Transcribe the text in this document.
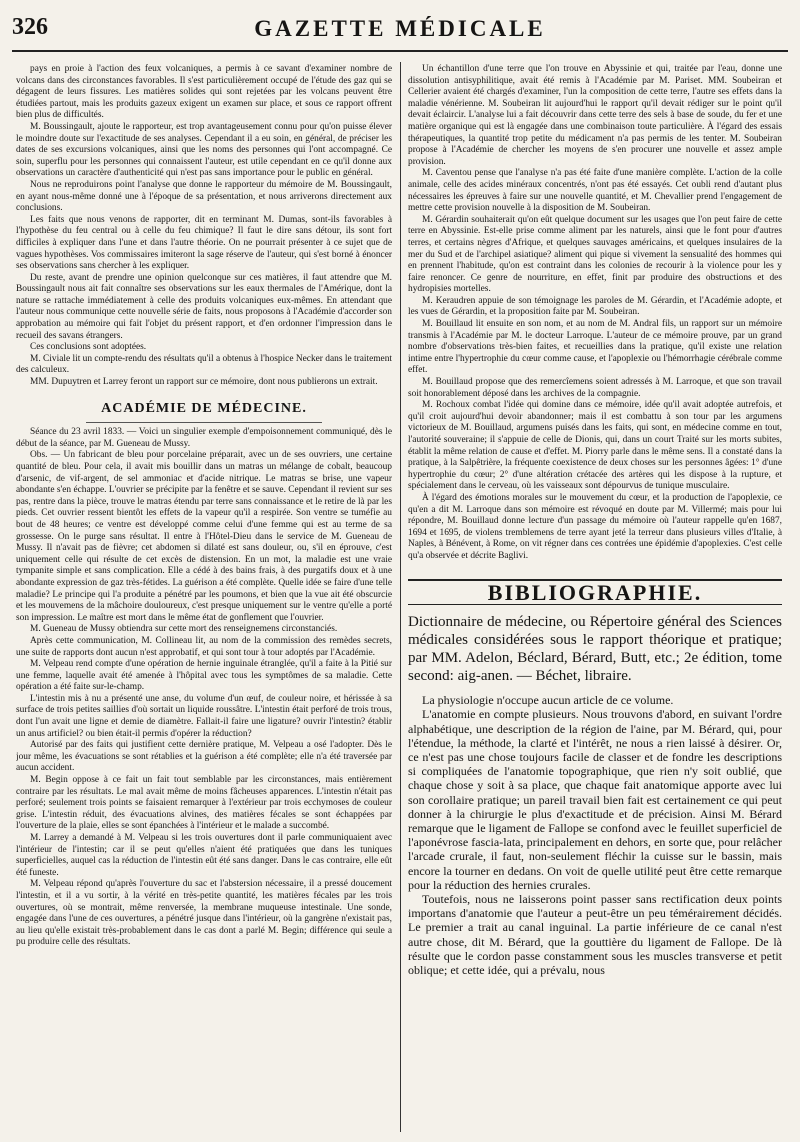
326	GAZETTE MÉDICALE

pays en proie à l'action des feux volcaniques, a permis à ce savant d'examiner nombre de volcans dans des circonstances favorables. Il s'est particulièrement occupé de l'étude des gaz qui se dégagent de leurs fissures. Les matières solides qui sont rejetées par les volcans peuvent être étudiées partout, mais les produits gazeux exigent un examen sur place, et sous ce rapport offrent bien plus de difficultés.

M. Boussingault, ajoute le rapporteur, est trop avantageusement connu pour qu'on puisse élever le moindre doute sur l'exactitude de ses analyses. Cependant il a eu soin, en général, de préciser les dates de ses excursions volcaniques, ainsi que les noms des personnes qui l'ont accompagné. Ce soin, superflu pour les personnes qui connaissent l'auteur, est utile cependant en ce qu'il donne aux observations un caractère d'authenticité qui n'est pas sans importance pour le public en général.

Nous ne reproduirons point l'analyse que donne le rapporteur du mémoire de M. Boussingault, en ayant nous-même donné une à l'époque de sa présentation, et nous arriverons directement aux conclusions.

Les faits que nous venons de rapporter, dit en terminant M. Dumas, sont-ils favorables à l'hypothèse du feu central ou à celle du feu chimique? Il faut le dire sans détour, ils sont fort difficiles à expliquer dans l'une et dans l'autre théorie. On ne pourrait présenter à ce sujet que de vagues hypothèses. Vos commissaires imiteront la sage réserve de l'auteur, qui s'est borné à énoncer ses observations sans chercher à les expliquer.

Du reste, avant de prendre une opinion quelconque sur ces matières, il faut attendre que M. Boussingault nous ait fait connaître ses observations sur les eaux thermales de l'Amérique, dont la nature se rattache immédiatement à celle des produits volcaniques eux-mêmes. En attendant que l'auteur nous communique cette nouvelle série de faits, nous proposons à l'Académie d'accorder son approbation au mémoire qui fait l'objet du présent rapport, et d'en ordonner l'impression dans le recueil des savans étrangers.

Ces conclusions sont adoptées.

M. Civiale lit un compte-rendu des résultats qu'il a obtenus à l'hospice Necker dans le traitement des calculeux.

MM. Dupuytren et Larrey feront un rapport sur ce mémoire, dont nous publierons un extrait.

ACADÉMIE DE MÉDECINE.

Séance du 23 avril 1833. — Voici un singulier exemple d'empoisonnement communiqué, dès le début de la séance, par M. Gueneau de Mussy.

Obs. — Un fabricant de bleu pour porcelaine préparait, avec un de ses ouvriers, une certaine quantité de bleu. Pour cela, il avait mis bouillir dans un matras un mélange de cobalt, beaucoup d'arsenic, de vif-argent, de sel ammoniac et d'acide nitrique. Le matras se brise, une vapeur abondante s'en échappe. L'ouvrier se précipite par la fenêtre et se sauve. Cependant il revient sur ses pas, rentre dans la pièce, trouve le matras étendu par terre sans connaissance et le retire de là par les pieds. Cet ouvrier ressent bientôt les effets de la vapeur qu'il a respirée. Son ventre se tuméfie au bout de 48 heures; ce ventre est développé comme celui d'une femme qui est au terme de sa grossesse. On le purge sans résultat. Il entre à l'Hôtel-Dieu dans le service de M. Gueneau de Mussy. Il n'avait pas de fièvre; cet abdomen si dilaté est sans douleur, ou, s'il en éprouve, c'est uniquement celle qui résulte de cet excès de distension. En un mot, la maladie est une vraie tympanite simple et sans complication. Elle a cédé à des bains frais, à des purgatifs doux et à une abondante expression de gaz très-fétides. La guérison a été complète. Quelle idée se faire d'une telle maladie? Le principe qui l'a produite a pénétré par les poumons, et bien que la vue ait été obscurcie et les mouvemens de la mâchoire douloureux, c'est presque uniquement sur le ventre qu'elle a porté son impression. Le maître est mort dans le même état de gonflement que l'ouvrier.

M. Gueneau de Mussy obtiendra sur cette mort des renseignemens circonstanciés.

Après cette communication, M. Collineau lit, au nom de la commission des remèdes secrets, une suite de rapports dont aucun n'est approbatif, et qui sont tour à tour adoptés par l'Académie.

M. Velpeau rend compte d'une opération de hernie inguinale étranglée, qu'il a faite à la Pitié sur une femme, laquelle avait été amenée à l'hôpital avec tous les symptômes de sa maladie. Cette opération a été faite sur-le-champ.

L'intestin mis à nu a présenté une anse, du volume d'un œuf, de couleur noire, et hérissée à sa surface de trois petites saillies d'où sortait un liquide roussâtre. L'intestin était perforé de trois trous, dont l'un avait une ligne et demie de diamètre. Fallait-il faire une ligature? ouvrir l'intestin? établir un anus artificiel? ou bien était-il permis d'opérer la réduction?

Autorisé par des faits qui justifient cette dernière pratique, M. Velpeau a osé l'adopter. Dès le jour même, les évacuations se sont rétablies et la guérison a été complète; elle n'a été traversée par aucun accident.

M. Begin oppose à ce fait un fait tout semblable par les circonstances, mais entièrement contraire par les résultats. Le mal avait même de moins fâcheuses apparences. L'intestin n'était pas perforé; seulement trois points se faisaient remarquer à l'extérieur par trois ecchymoses de couleur grise. L'intestin réduit, des évacuations alvines, des matières fécales se sont échappées par l'ouverture de la plaie, elles se sont épanchées à l'intérieur et le malade a succombé.

M. Larrey a demandé à M. Velpeau si les trois ouvertures dont il parle communiquaient avec l'intérieur de l'intestin; car il se peut qu'elles n'aient été pratiquées que dans les tuniques superficielles, auquel cas la réduction de l'intestin eût été sans danger. Dans le cas contraire, elle eût été funeste.

M. Velpeau répond qu'après l'ouverture du sac et l'abstersion nécessaire, il a pressé doucement l'intestin, et il a vu sortir, à la vérité en très-petite quantité, les matières fécales par les trois ouvertures, où se montrait, même renversée, la membrane muqueuse intestinale. Une sonde, engagée dans l'une de ces ouvertures, a pénétré jusque dans l'intérieur, où la gangrène n'existait pas, au lieu qu'elle existait très-probablement dans le cas dont a parlé M. Begin; différence qui seule a pu produire celle des résultats.

Un échantillon d'une terre que l'on trouve en Abyssinie et qui, traitée par l'eau, donne une dissolution antisyphilitique, avait été remis à l'Académie par M. Pariset. MM. Soubeiran et Cellerier avaient été chargés d'examiner, l'un la composition de cette terre, l'autre ses effets dans la maladie vénérienne. M. Soubeiran lit aujourd'hui le rapport qu'il devait rédiger sur le point qu'il devait éclaircir. L'analyse lui a fait découvrir dans cette terre des sels à base de soude, du fer et une matière organique qui est là engagée dans une combinaison toute particulière. À l'égard des essais thérapeutiques, la quantité trop petite du médicament n'a pas permis de les tenter. M. Soubeiran propose à l'Académie de chercher les moyens de s'en procurer une nouvelle et assez ample provision.

M. Caventou pense que l'analyse n'a pas été faite d'une manière complète. L'action de la colle animale, celle des acides minéraux concentrés, n'ont pas été essayés. Cet oubli rend d'autant plus nécessaires les épreuves à faire sur une nouvelle quantité, et M. Chevallier prend l'engagement de mettre cette provision nouvelle à la disposition de M. Soubeiran.

M. Gérardin souhaiterait qu'on eût quelque document sur les usages que l'on peut faire de cette terre en Abyssinie. Est-elle prise comme aliment par les naturels, ainsi que le font pour d'autres terres, et certains nègres d'Afrique, et quelques sauvages américains, et quelques insulaires de la mer du Sud et de l'archipel asiatique? aliment qui pique si vivement la sensualité des hommes qui en prennent l'habitude, qu'on est contraint dans les colonies de recourir à la violence pour les y faire renoncer. Ce genre de nourriture, en effet, finit par produire des obstructions et des hydropisies mortelles.

M. Keraudren appuie de son témoignage les paroles de M. Gérardin, et l'Académie adopte, et les vues de Gérardin, et la proposition faite par M. Soubeiran.

M. Bouillaud lit ensuite en son nom, et au nom de M. Andral fils, un rapport sur un mémoire transmis à l'Académie par M. le docteur Larroque. L'auteur de ce mémoire prouve, par un grand nombre d'observations très-bien faites, et recueillies dans la pratique, qu'il existe une relation intime entre l'hypertrophie du cœur comme cause, et l'apoplexie ou l'hémorrhagie cérébrale comme effet.

M. Bouillaud propose que des remercîemens soient adressés à M. Larroque, et que son travail soit honorablement déposé dans les archives de la compagnie.

M. Rochoux combat l'idée qui domine dans ce mémoire, idée qu'il avait adoptée autrefois, et qu'il croit aujourd'hui devoir abandonner; mais il est combattu à son tour par les argumens victorieux de M. Bouillaud, argumens puisés dans les faits, qui sont, en médecine comme en tout, l'autorité souveraine; il s'appuie de celle de Dionis, qui, dans un court Traité sur les morts subites, établit la même relation de cause et d'effet. M. Piorry parle dans le même sens. Il a constaté dans la pratique, à la Salpêtrière, la fréquente coexistence de deux choses sur les personnes âgées: 1° d'une hypertrophie du cœur; 2° d'une altération crétacée des artères qui les dispose à la rupture, et spécialement dans le cerveau, où les vaisseaux sont dépourvus de tunique musculaire.

À l'égard des émotions morales sur le mouvement du cœur, et la production de l'apoplexie, ce qu'en a dit M. Larroque dans son mémoire est révoqué en doute par M. Villermé; mais pour lui répondre, M. Bouillaud donne lecture d'un passage du mémoire où l'auteur rappelle qu'en 1687, 1694 et 1695, de violens tremblemens de terre ayant jeté la terreur dans plusieurs villes d'Italie, à Naples, à Bénévent, à Rome, on vit régner dans ces contrées une épidémie d'apoplexies. C'est celle qu'a observée et décrite Baglivi.

BIBLIOGRAPHIE.
Dictionnaire de médecine, ou Répertoire général des Sciences médicales considérées sous le rapport théorique et pratique; par MM. Adelon, Béclard, Bérard, Butt, etc.; 2e édition, tome second: aig-anen. — Béchet, libraire.

La physiologie n'occupe aucun article de ce volume.

L'anatomie en compte plusieurs. Nous trouvons d'abord, en suivant l'ordre alphabétique, une description de la région de l'aine, par M. Bérard, qui, pour l'étendue, la méthode, la clarté et l'intérêt, ne nous a rien laissé à désirer. Or, ce n'est pas une chose toujours facile de classer et de fondre les descriptions si compliquées de l'anatomie topographique, que rien n'y soit oublié, que chaque chose y soit à sa place, que chaque fait anatomique apporte avec lui son corollaire pratique; un pareil travail bien fait est certainement ce qui peut donner à la chirurgie le plus d'exactitude et de précision. Ainsi M. Bérard remarque que le ligament de Fallope se confond avec le feuillet superficiel de l'aponévrose fascia-lata, principalement en dehors, en sorte que, pour relâcher l'arcade crurale, il faut, non-seulement fléchir la cuisse sur le bassin, mais encore la tourner en dedans. On voit de quelle utilité peut être cette remarque pour la réduction des hernies crurales.

Toutefois, nous ne laisserons point passer sans rectification deux points importans d'anatomie que l'auteur a peut-être un peu témérairement décidés. Le premier a trait au canal inguinal. La partie inférieure de ce canal n'est autre chose, dit M. Bérard, que la gouttière du ligament de Fallope. De là résulte que le cordon passe constamment sous les muscles transverse et petit oblique; et cette idée, qui a prévalu, nous
